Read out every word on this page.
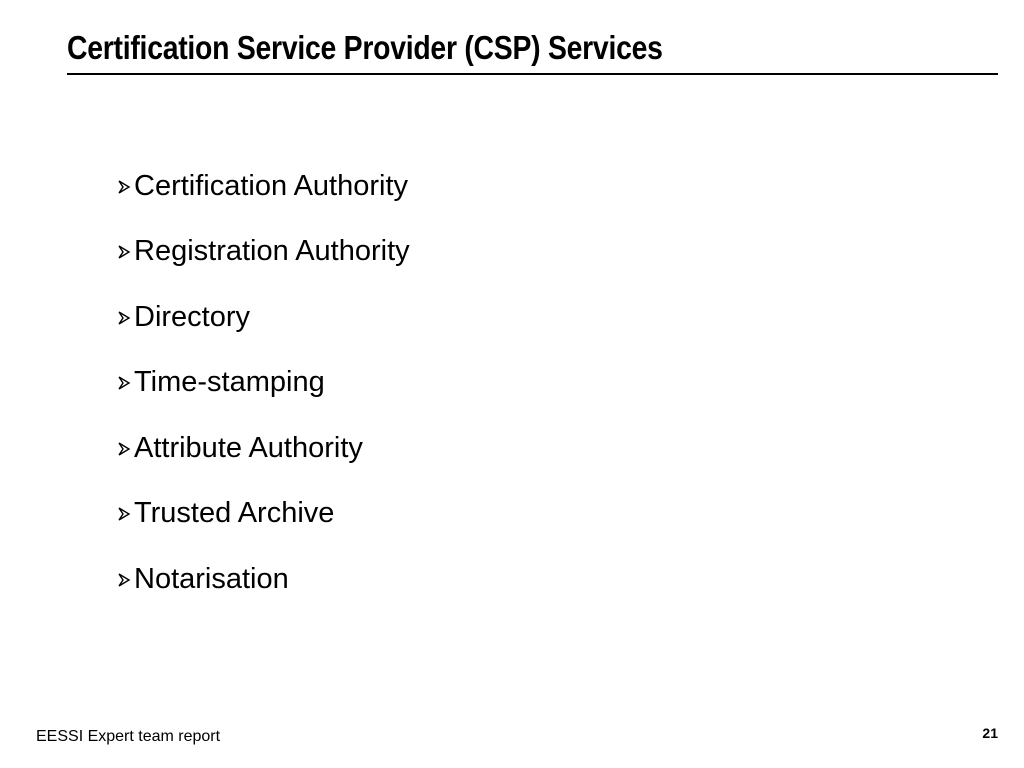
Certification Service Provider (CSP) Services
Certification Authority
Registration Authority
Directory
Time-stamping
Attribute Authority
Trusted Archive
Notarisation
EESSI Expert team report	21
